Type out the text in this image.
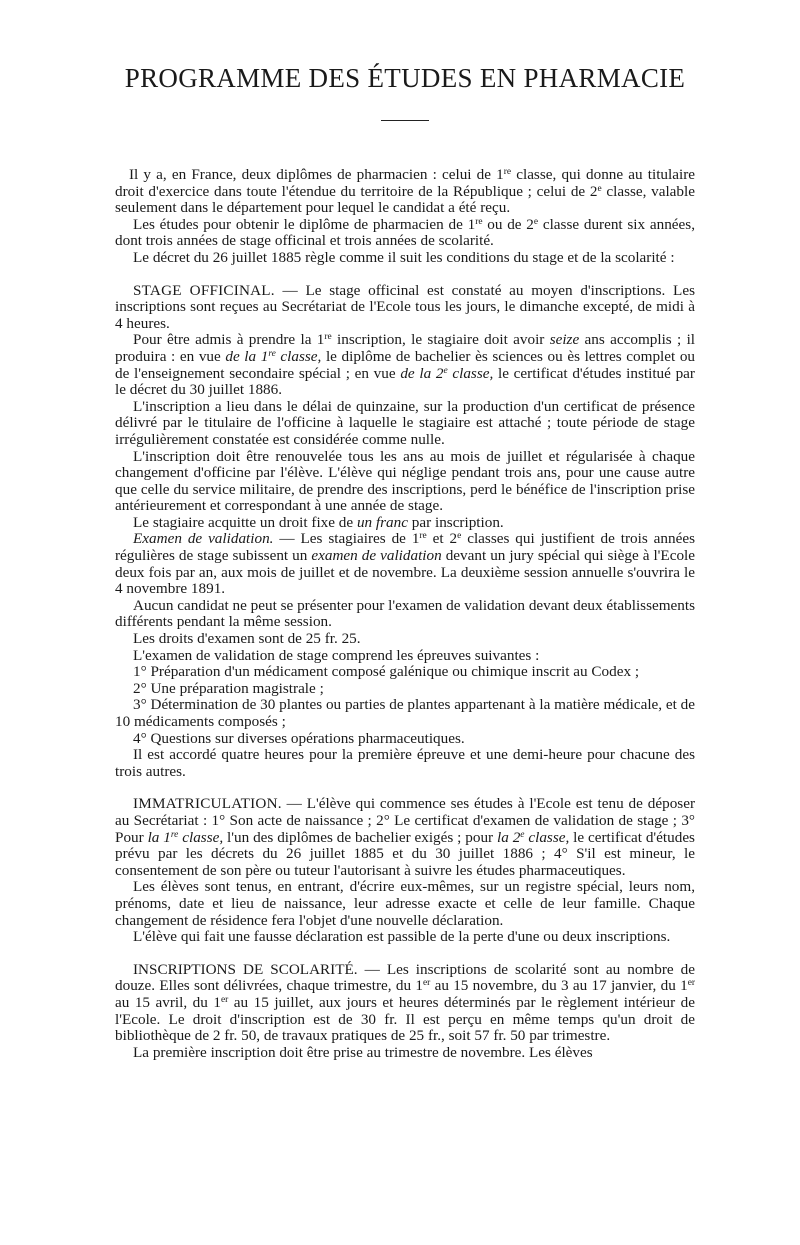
PROGRAMME DES ÉTUDES EN PHARMACIE

Il y a, en France, deux diplômes de pharmacien : celui de 1re classe, qui donne au titulaire droit d'exercice dans toute l'étendue du territoire de la République ; celui de 2e classe, valable seulement dans le département pour lequel le candidat a été reçu.

Les études pour obtenir le diplôme de pharmacien de 1re ou de 2e classe durent six années, dont trois années de stage officinal et trois années de scolarité.

Le décret du 26 juillet 1885 règle comme il suit les conditions du stage et de la scolarité :

STAGE OFFICINAL. — Le stage officinal est constaté au moyen d'inscriptions. Les inscriptions sont reçues au Secrétariat de l'Ecole tous les jours, le dimanche excepté, de midi à 4 heures.

Pour être admis à prendre la 1re inscription, le stagiaire doit avoir seize ans accomplis ; il produira : en vue de la 1re classe, le diplôme de bachelier ès sciences ou ès lettres complet ou de l'enseignement secondaire spécial ; en vue de la 2e classe, le certificat d'études institué par le décret du 30 juillet 1886.

L'inscription a lieu dans le délai de quinzaine, sur la production d'un certificat de présence délivré par le titulaire de l'officine à laquelle le stagiaire est attaché ; toute période de stage irrégulièrement constatée est considérée comme nulle.

L'inscription doit être renouvelée tous les ans au mois de juillet et régularisée à chaque changement d'officine par l'élève. L'élève qui néglige pendant trois ans, pour une cause autre que celle du service militaire, de prendre des inscriptions, perd le bénéfice de l'inscription prise antérieurement et correspondant à une année de stage.

Le stagiaire acquitte un droit fixe de un franc par inscription.

Examen de validation. — Les stagiaires de 1re et 2e classes qui justifient de trois années régulières de stage subissent un examen de validation devant un jury spécial qui siège à l'Ecole deux fois par an, aux mois de juillet et de novembre. La deuxième session annuelle s'ouvrira le 4 novembre 1891.

Aucun candidat ne peut se présenter pour l'examen de validation devant deux établissements différents pendant la même session.

Les droits d'examen sont de 25 fr. 25.

L'examen de validation de stage comprend les épreuves suivantes :

1° Préparation d'un médicament composé galénique ou chimique inscrit au Codex ;

2° Une préparation magistrale ;

3° Détermination de 30 plantes ou parties de plantes appartenant à la matière médicale, et de 10 médicaments composés ;

4° Questions sur diverses opérations pharmaceutiques.

Il est accordé quatre heures pour la première épreuve et une demi-heure pour chacune des trois autres.

IMMATRICULATION. — L'élève qui commence ses études à l'Ecole est tenu de déposer au Secrétariat : 1° Son acte de naissance ; 2° Le certificat d'examen de validation de stage ; 3° Pour la 1re classe, l'un des diplômes de bachelier exigés ; pour la 2e classe, le certificat d'études prévu par les décrets du 26 juillet 1885 et du 30 juillet 1886 ; 4° S'il est mineur, le consentement de son père ou tuteur l'autorisant à suivre les études pharmaceutiques.

Les élèves sont tenus, en entrant, d'écrire eux-mêmes, sur un registre spécial, leurs nom, prénoms, date et lieu de naissance, leur adresse exacte et celle de leur famille. Chaque changement de résidence fera l'objet d'une nouvelle déclaration.

L'élève qui fait une fausse déclaration est passible de la perte d'une ou deux inscriptions.

INSCRIPTIONS DE SCOLARITÉ. — Les inscriptions de scolarité sont au nombre de douze. Elles sont délivrées, chaque trimestre, du 1er au 15 novembre, du 3 au 17 janvier, du 1er au 15 avril, du 1er au 15 juillet, aux jours et heures déterminés par le règlement intérieur de l'Ecole. Le droit d'inscription est de 30 fr. Il est perçu en même temps qu'un droit de bibliothèque de 2 fr. 50, de travaux pratiques de 25 fr., soit 57 fr. 50 par trimestre.

La première inscription doit être prise au trimestre de novembre. Les élèves
